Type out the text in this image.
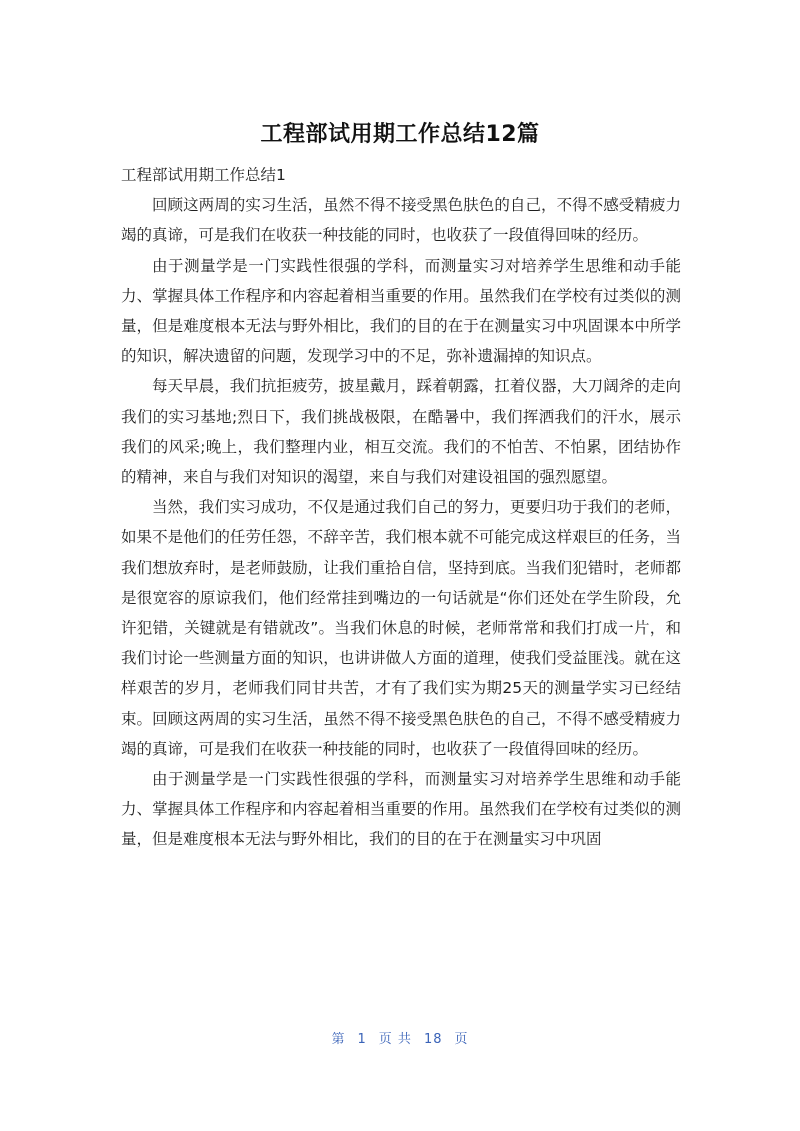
工程部试用期工作总结12篇

工程部试用期工作总结1

回顾这两周的实习生活，虽然不得不接受黑色肤色的自己，不得不感受精疲力竭的真谛，可是我们在收获一种技能的同时，也收获了一段值得回味的经历。

由于测量学是一门实践性很强的学科，而测量实习对培养学生思维和动手能力、掌握具体工作程序和内容起着相当重要的作用。虽然我们在学校有过类似的测量，但是难度根本无法与野外相比，我们的目的在于在测量实习中巩固课本中所学的知识，解决遗留的问题，发现学习中的不足，弥补遗漏掉的知识点。

每天早晨，我们抗拒疲劳，披星戴月，踩着朝露，扛着仪器，大刀阔斧的走向我们的实习基地;烈日下，我们挑战极限，在酷暑中，我们挥洒我们的汗水，展示我们的风采;晚上，我们整理内业，相互交流。我们的不怕苦、不怕累，团结协作的精神，来自与我们对知识的渴望，来自与我们对建设祖国的强烈愿望。

当然，我们实习成功，不仅是通过我们自己的努力，更要归功于我们的老师，如果不是他们的任劳任怨，不辞辛苦，我们根本就不可能完成这样艰巨的任务，当我们想放弃时，是老师鼓励，让我们重拾自信，坚持到底。当我们犯错时，老师都是很宽容的原谅我们，他们经常挂到嘴边的一句话就是“你们还处在学生阶段，允许犯错，关键就是有错就改”。当我们休息的时候，老师常常和我们打成一片，和我们讨论一些测量方面的知识，也讲讲做人方面的道理，使我们受益匪浅。就在这样艰苦的岁月，老师我们同甘共苦，才有了我们实为期25天的测量学实习已经结束。回顾这两周的实习生活，虽然不得不接受黑色肤色的自己，不得不感受精疲力竭的真谛，可是我们在收获一种技能的同时，也收获了一段值得回味的经历。

由于测量学是一门实践性很强的学科，而测量实习对培养学生思维和动手能力、掌握具体工作程序和内容起着相当重要的作用。虽然我们在学校有过类似的测量，但是难度根本无法与野外相比，我们的目的在于在测量实习中巩固

第 1 页 共 18 页
